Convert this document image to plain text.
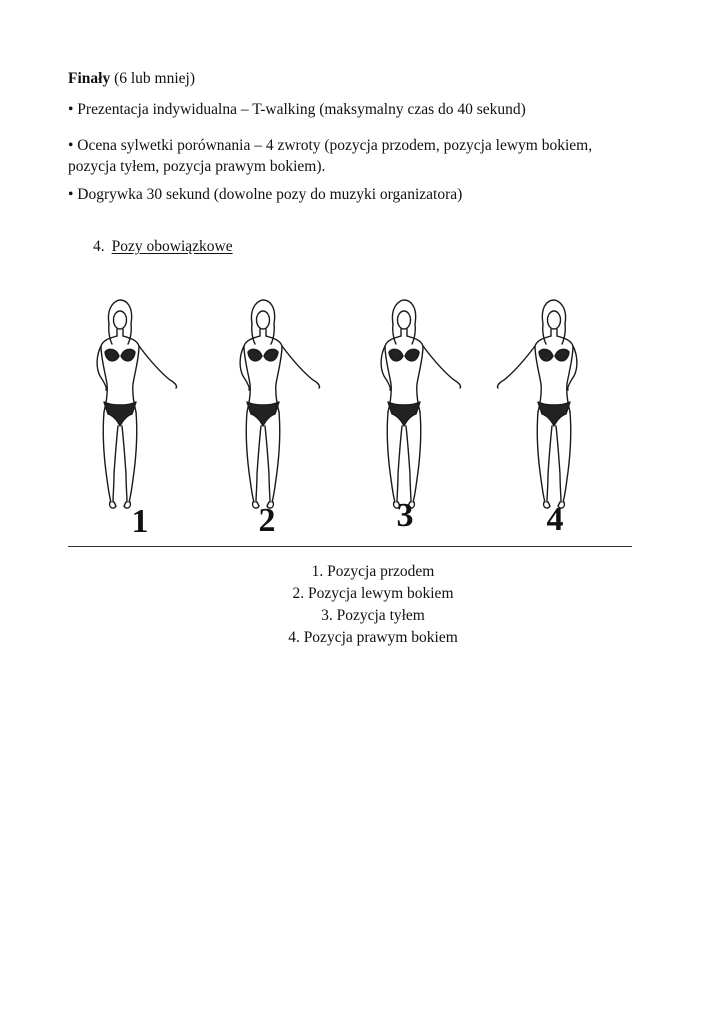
Finały (6 lub mniej)

• Prezentacja indywidualna – T-walking (maksymalny czas do 40 sekund)

• Ocena sylwetki porównania – 4 zwroty (pozycja przodem, pozycja lewym bokiem, pozycja tyłem, pozycja prawym bokiem).

• Dogrywka 30 sekund (dowolne pozy do muzyki organizatora)

4. Pozy obowiązkowe
1	2	3	4
1. Pozycja przodem
2. Pozycja lewym bokiem
3. Pozycja tyłem
4. Pozycja prawym bokiem
